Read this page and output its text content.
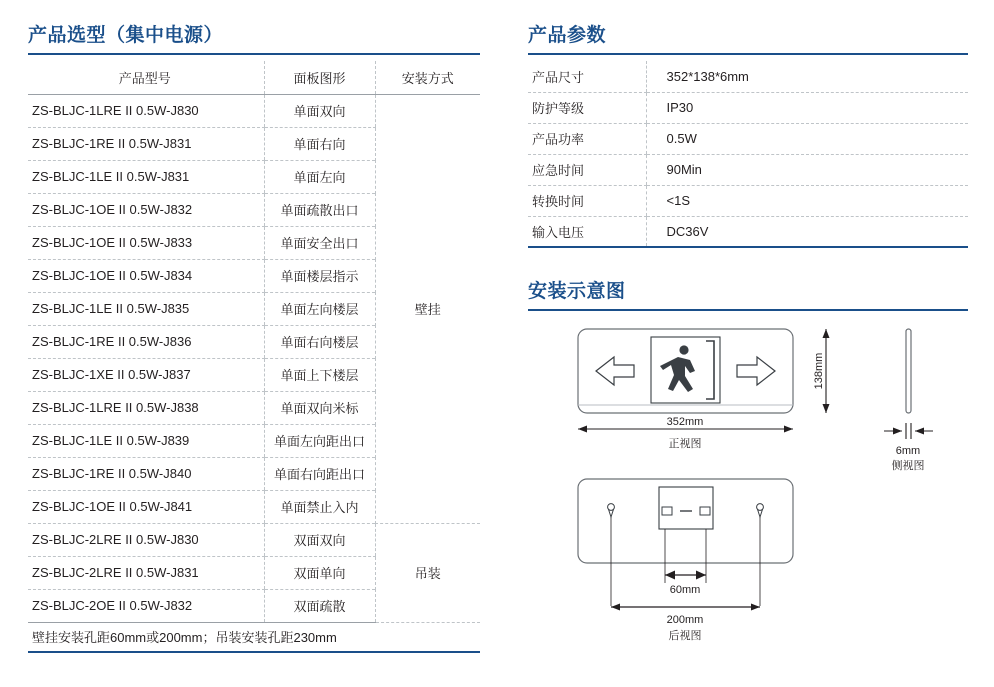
产品选型（集中电源）
产品型号	面板图形	安装方式
ZS-BLJC-1LRE II 0.5W-J830	单面双向	壁挂
ZS-BLJC-1RE II 0.5W-J831	单面右向	
ZS-BLJC-1LE II 0.5W-J831	单面左向	
ZS-BLJC-1OE II 0.5W-J832	单面疏散出口	
ZS-BLJC-1OE II 0.5W-J833	单面安全出口	
ZS-BLJC-1OE II 0.5W-J834	单面楼层指示	
ZS-BLJC-1LE II 0.5W-J835	单面左向楼层	
ZS-BLJC-1RE II 0.5W-J836	单面右向楼层	
ZS-BLJC-1XE II 0.5W-J837	单面上下楼层	
ZS-BLJC-1LRE II 0.5W-J838	单面双向米标	
ZS-BLJC-1LE II 0.5W-J839	单面左向距出口	
ZS-BLJC-1RE II 0.5W-J840	单面右向距出口	
ZS-BLJC-1OE II 0.5W-J841	单面禁止入内	
ZS-BLJC-2LRE II 0.5W-J830	双面双向	吊装
ZS-BLJC-2LRE II 0.5W-J831	双面单向	
ZS-BLJC-2OE II 0.5W-J832	双面疏散	
壁挂安装孔距60mm或200mm；吊装安装孔距230mm		
产品参数
产品尺寸	352*138*6mm
防护等级	IP30
产品功率	0.5W
应急时间	90Min
转换时间	<1S
输入电压	DC36V
安装示意图
352mm
正视图
138mm
6mm
侧视图
60mm
200mm
后视图
